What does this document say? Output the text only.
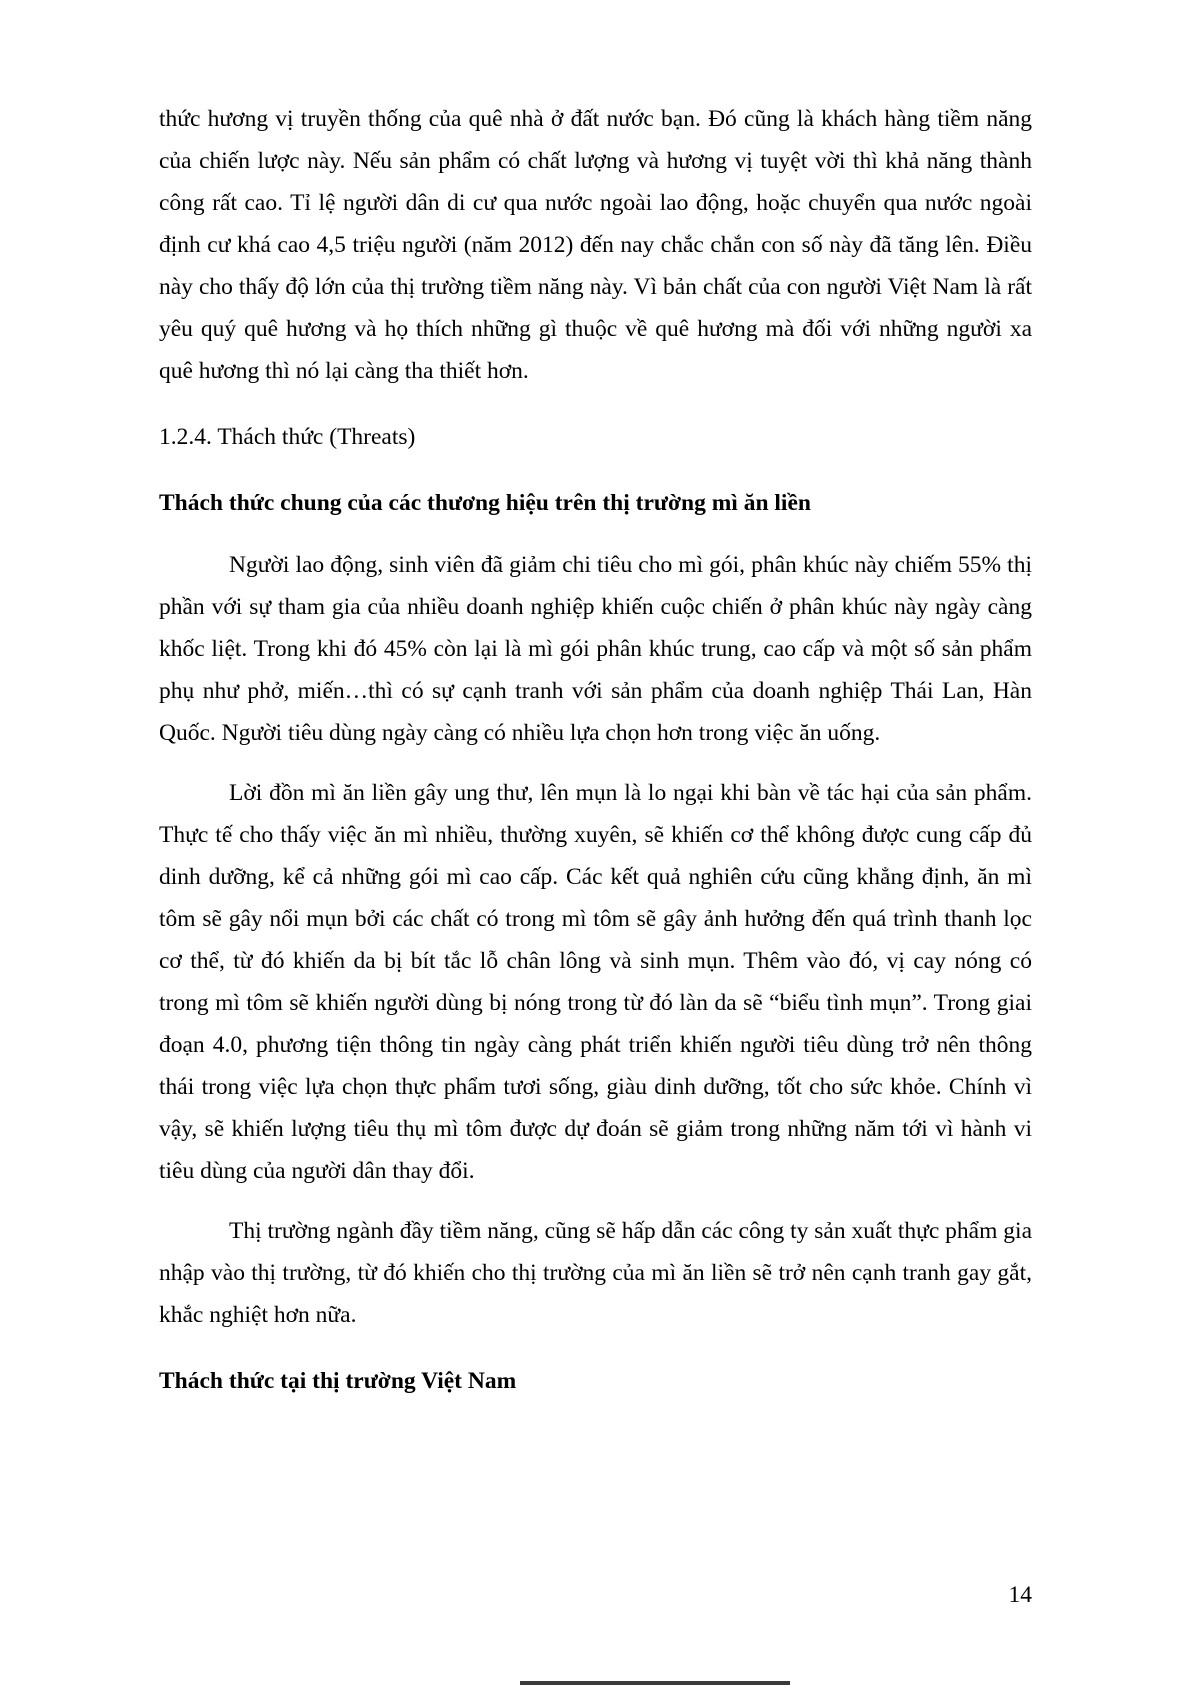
thức hương vị truyền thống của quê nhà ở đất nước bạn. Đó cũng là khách hàng tiềm năng của chiến lược này. Nếu sản phẩm có chất lượng và hương vị tuyệt vời thì khả năng thành công rất cao. Tỉ lệ người dân di cư qua nước ngoài lao động, hoặc chuyển qua nước ngoài định cư khá cao 4,5 triệu người (năm 2012) đến nay chắc chắn con số này đã tăng lên. Điều này cho thấy độ lớn của thị trường tiềm năng này. Vì bản chất của con người Việt Nam là rất yêu quý quê hương và họ thích những gì thuộc về quê hương mà đối với những người xa quê hương thì nó lại càng tha thiết hơn.

1.2.4. Thách thức (Threats)

Thách thức chung của các thương hiệu trên thị trường mì ăn liền

Người lao động, sinh viên đã giảm chi tiêu cho mì gói, phân khúc này chiếm 55% thị phần với sự tham gia của nhiều doanh nghiệp khiến cuộc chiến ở phân khúc này ngày càng khốc liệt. Trong khi đó 45% còn lại là mì gói phân khúc trung, cao cấp và một số sản phẩm phụ như phở, miến…thì có sự cạnh tranh với sản phẩm của doanh nghiệp Thái Lan, Hàn Quốc. Người tiêu dùng ngày càng có nhiều lựa chọn hơn trong việc ăn uống.

Lời đồn mì ăn liền gây ung thư, lên mụn là lo ngại khi bàn về tác hại của sản phẩm. Thực tế cho thấy việc ăn mì nhiều, thường xuyên, sẽ khiến cơ thể không được cung cấp đủ dinh dưỡng, kể cả những gói mì cao cấp. Các kết quả nghiên cứu cũng khẳng định, ăn mì tôm sẽ gây nổi mụn bởi các chất có trong mì tôm sẽ gây ảnh hưởng đến quá trình thanh lọc cơ thể, từ đó khiến da bị bít tắc lỗ chân lông và sinh mụn. Thêm vào đó, vị cay nóng có trong mì tôm sẽ khiến người dùng bị nóng trong từ đó làn da sẽ “biểu tình mụn”. Trong giai đoạn 4.0, phương tiện thông tin ngày càng phát triển khiến người tiêu dùng trở nên thông thái trong việc lựa chọn thực phẩm tươi sống, giàu dinh dưỡng, tốt cho sức khỏe. Chính vì vậy, sẽ khiến lượng tiêu thụ mì tôm được dự đoán sẽ giảm trong những năm tới vì hành vi tiêu dùng của người dân thay đổi.

Thị trường ngành đầy tiềm năng, cũng sẽ hấp dẫn các công ty sản xuất thực phẩm gia nhập vào thị trường, từ đó khiến cho thị trường của mì ăn liền sẽ trở nên cạnh tranh gay gắt, khắc nghiệt hơn nữa.

Thách thức tại thị trường Việt Nam

14
